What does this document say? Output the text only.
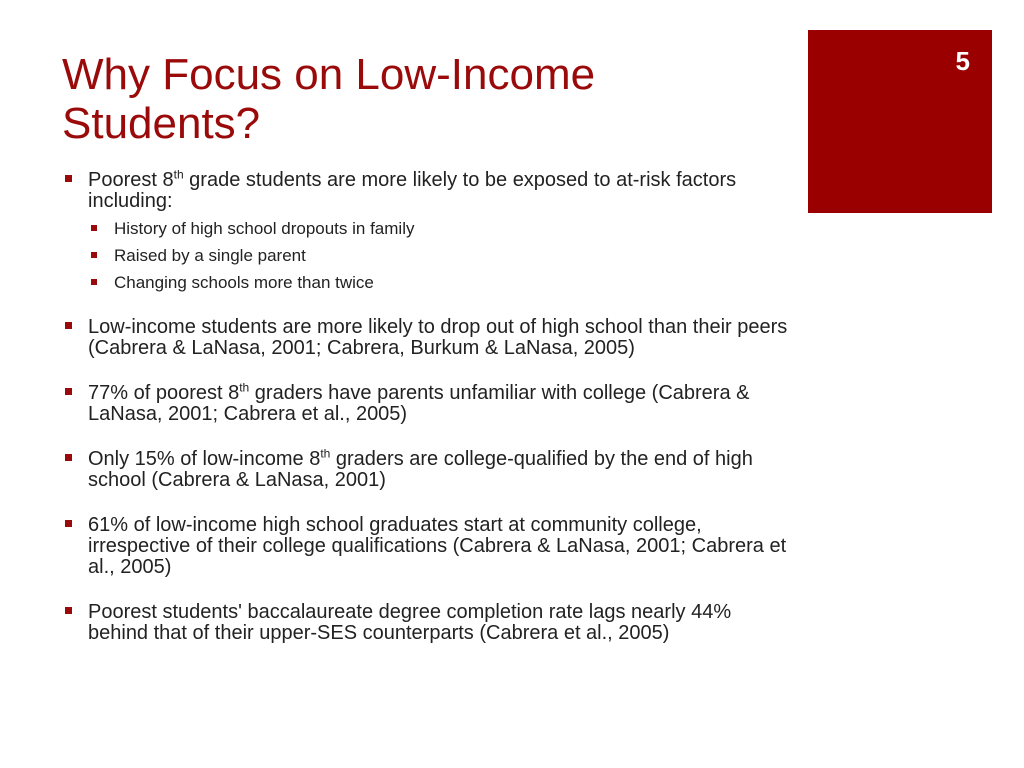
Why Focus on Low-Income Students?
5
Poorest 8th grade students are more likely to be exposed to at-risk factors including:
History of high school dropouts in family
Raised by a single parent
Changing schools more than twice
Low-income students are more likely to drop out of high school than their peers (Cabrera & LaNasa, 2001; Cabrera, Burkum & LaNasa, 2005)
77% of poorest 8th graders have parents unfamiliar with college (Cabrera & LaNasa, 2001; Cabrera et al., 2005)
Only 15% of low-income 8th graders are college-qualified by the end of high school (Cabrera & LaNasa, 2001)
61% of low-income high school graduates start at community college, irrespective of their college qualifications (Cabrera & LaNasa, 2001; Cabrera et al., 2005)
Poorest students' baccalaureate degree completion rate lags nearly 44% behind that of their upper-SES counterparts (Cabrera et al., 2005)
